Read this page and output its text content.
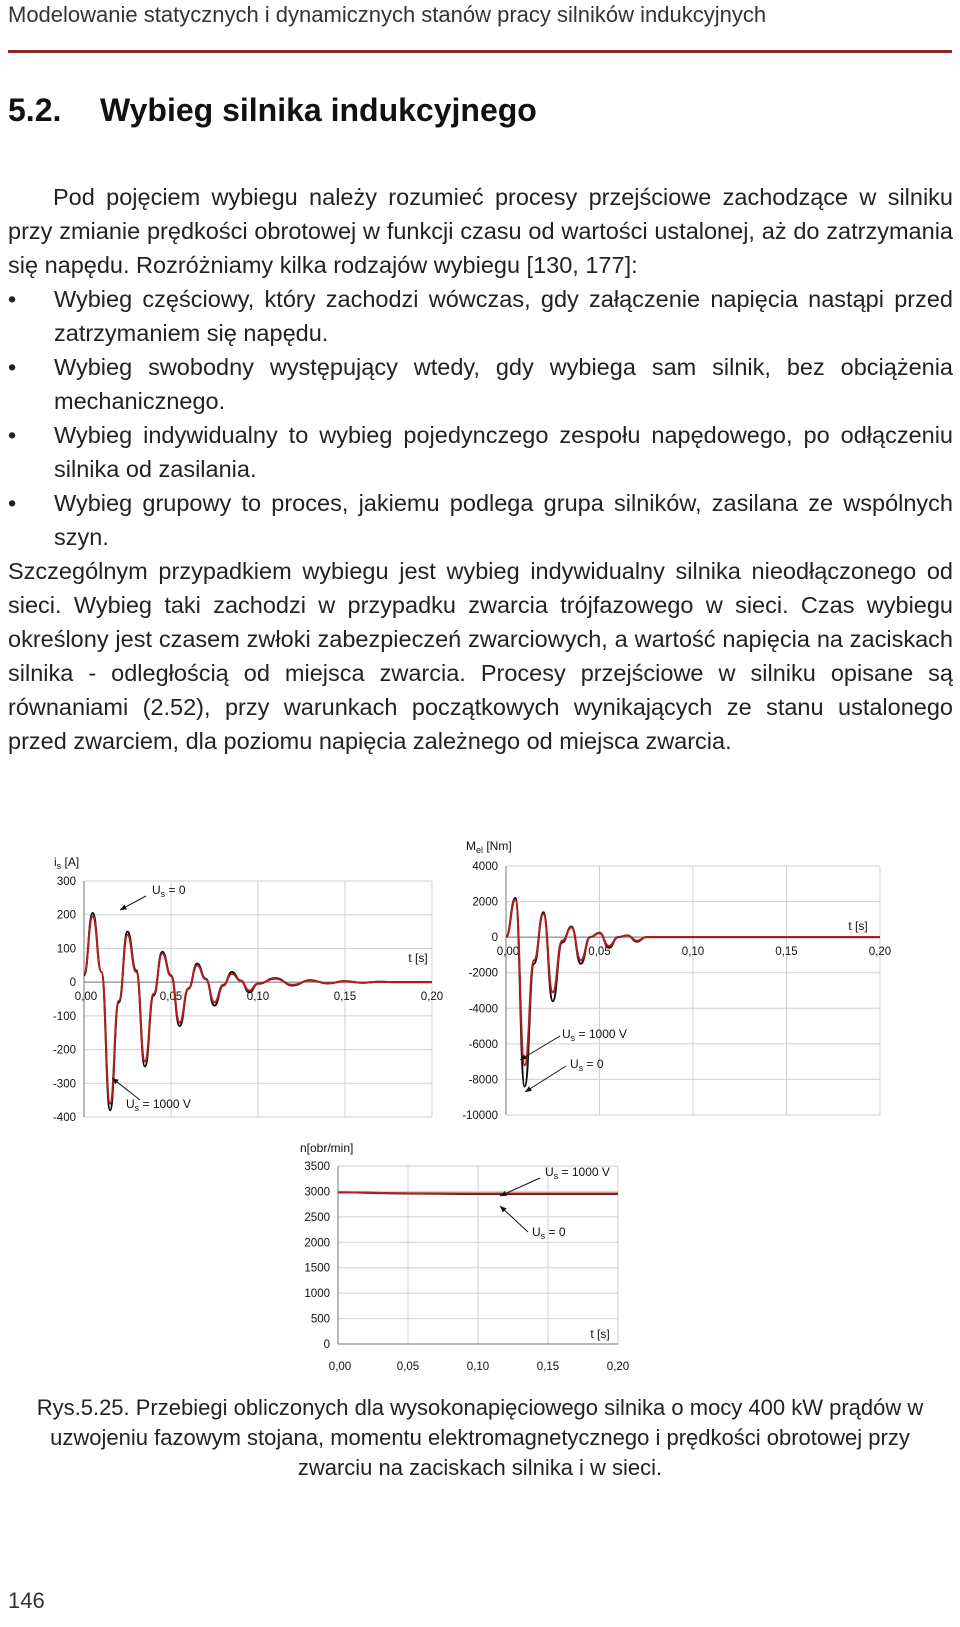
Modelowanie statycznych i dynamicznych stanów pracy silników indukcyjnych
5.2. Wybieg silnika indukcyjnego

Pod pojęciem wybiegu należy rozumieć procesy przejściowe zachodzące w silniku przy zmianie prędkości obrotowej w funkcji czasu od wartości ustalonej, aż do zatrzymania się napędu. Rozróżniamy kilka rodzajów wybiegu [130, 177]:

• Wybieg częściowy, który zachodzi wówczas, gdy załączenie napięcia nastąpi przed zatrzymaniem się napędu.
• Wybieg swobodny występujący wtedy, gdy wybiega sam silnik, bez obciążenia mechanicznego.
• Wybieg indywidualny to wybieg pojedynczego zespołu napędowego, po odłączeniu silnika od zasilania.
• Wybieg grupowy to proces, jakiemu podlega grupa silników, zasilana ze wspólnych szyn.

Szczególnym przypadkiem wybiegu jest wybieg indywidualny silnika nieodłączonego od sieci. Wybieg taki zachodzi w przypadku zwarcia trójfazowego w sieci. Czas wybiegu określony jest czasem zwłoki zabezpieczeń zwarciowych, a wartość napięcia na zaciskach silnika - odległością od miejsca zwarcia. Procesy przejściowe w silniku opisane są równaniami (2.52), przy warunkach początkowych wynikających ze stanu ustalonego przed zwarciem, dla poziomu napięcia zależnego od miejsca zwarcia.

300
200
100
0
-100
-200
-300
-400
0,00	0,05	0,10	0,15	0,20
$i_s$ [A]
t [s]
$U_s = 0$
$U_s = 1000$ V
4000
2000
0
-2000
-4000
-6000
-8000
-10000
0,00	0,05	0,10	0,15	0,20
$M_{el}$ [Nm]
t [s]
$U_s = 1000$ V
$U_s = 0$
3500
3000
2500
2000
1500
1000
500
0
0,00	0,05	0,10	0,15	0,20
n[obr/min]
t [s]
$U_s = 1000$ V
$U_s = 0$
Rys.5.25. Przebiegi obliczonych dla wysokonapięciowego silnika o mocy 400 kW prądów w uzwojeniu fazowym stojana, momentu elektromagnetycznego i prędkości obrotowej przy zwarciu na zaciskach silnika i w sieci.
146
